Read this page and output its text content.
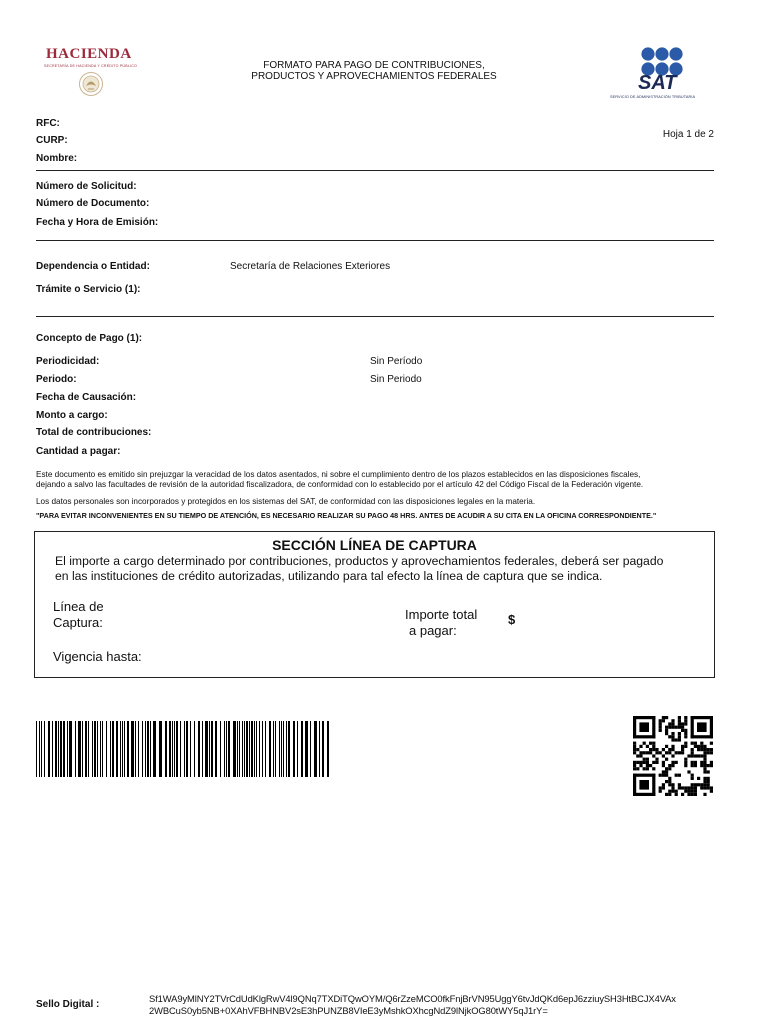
HACIENDA
SECRETARÍA DE HACIENDA Y CRÉDITO PÚBLICO	FORMATO PARA PAGO DE CONTRIBUCIONES,
PRODUCTOS Y APROVECHAMIENTOS FEDERALES	SAT
SERVICIO DE ADMINISTRACIÓN TRIBUTARIA
RFC:
CURP:
Nombre:
Hoja 1 de 2
Número de Solicitud:
Número de Documento:
Fecha y Hora de Emisión:
Dependencia o Entidad:	Secretaría de Relaciones Exteriores
Trámite o Servicio (1):
Concepto de Pago (1):
Periodicidad:	Sin Período
Periodo:	Sin Periodo
Fecha de Causación:
Monto a cargo:
Total de contribuciones:
Cantidad a pagar:
Este documento es emitido sin prejuzgar la veracidad de los datos asentados, ni sobre el cumplimiento dentro de los plazos establecidos en las disposiciones fiscales,
dejando a salvo las facultades de revisión de la autoridad fiscalizadora, de conformidad con lo establecido por el artículo 42 del Código Fiscal de la Federación vigente.
Los datos personales son incorporados y protegidos en los sistemas del SAT, de conformidad con las disposiciones legales en la materia.
"PARA EVITAR INCONVENIENTES EN SU TIEMPO DE ATENCIÓN, ES NECESARIO REALIZAR SU PAGO 48 HRS. ANTES DE ACUDIR A SU CITA EN LA OFICINA CORRESPONDIENTE."
SECCIÓN LÍNEA DE CAPTURA
El importe a cargo determinado por contribuciones, productos y aprovechamientos federales, deberá ser pagado
en las instituciones de crédito autorizadas, utilizando para tal efecto la línea de captura que se indica.
Línea de
Captura:
Importe total
a pagar:
$
Vigencia hasta:
Sello Digital :
Sf1WA9yMlNY2TVrCdUdKlgRwV4l9QNq7TXDiTQwOYM/Q6rZzeMCO0fkFnjBrVN95UggY6tvJdQKd6epJ6zziuySH3HtBCJX4VAx
2WBCuS0yb5NB+0XAhVFBHNBV2sE3hPUNZB8VIeE3yMshkOXhcgNdZ9lNjkOG80tWY5qJ1rY=
